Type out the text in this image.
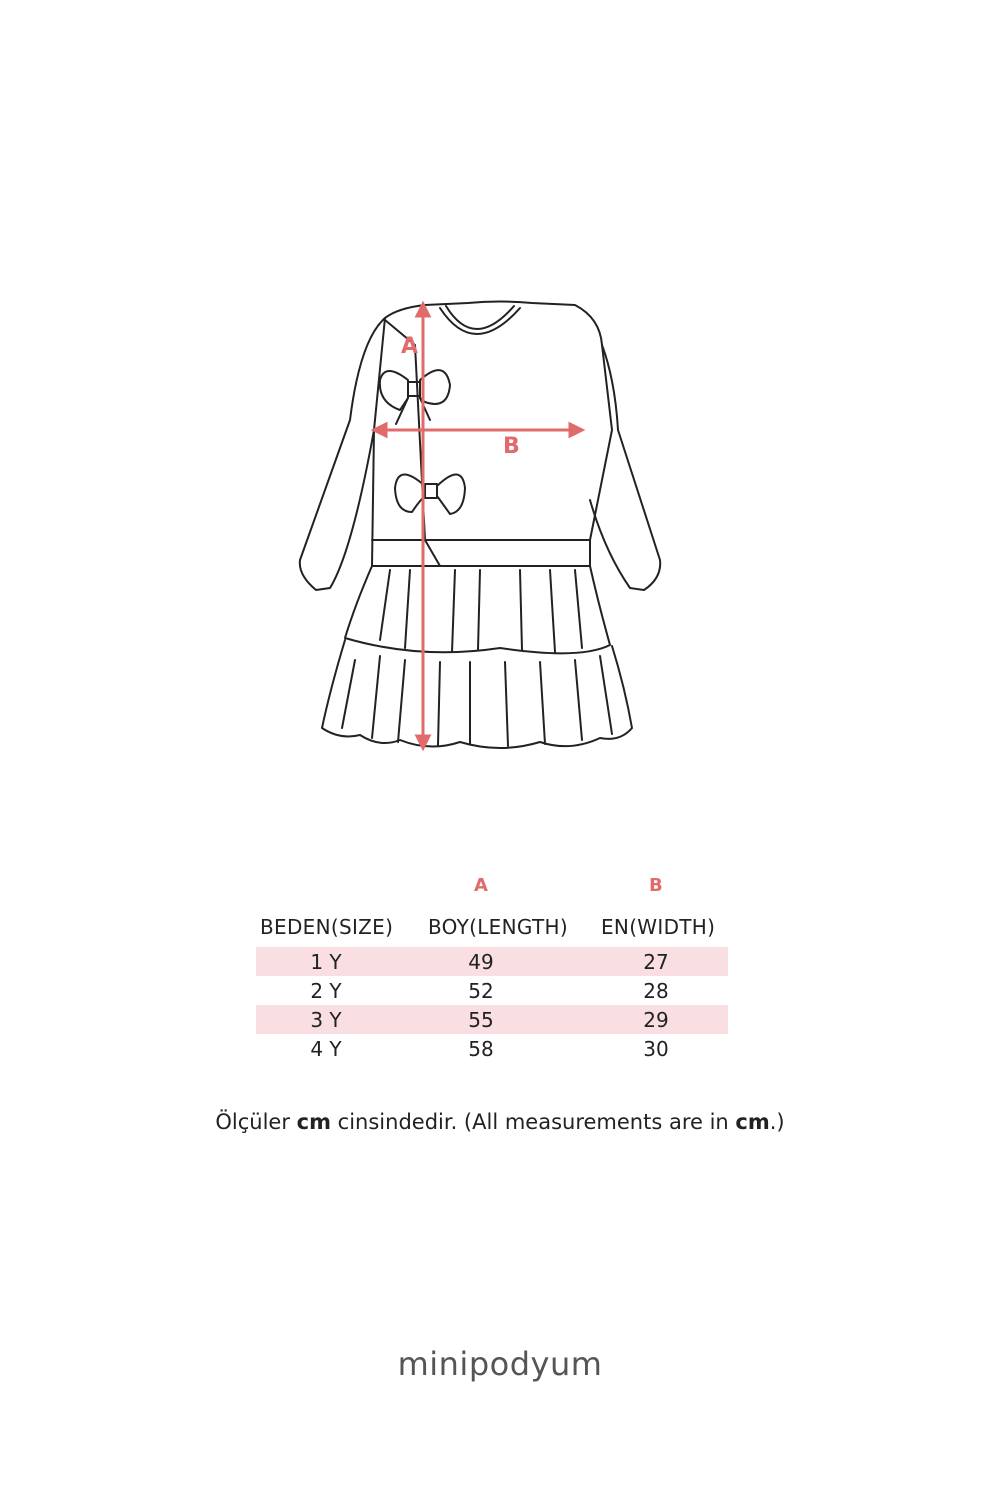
A
B
A	B
BEDEN(SIZE) BOY(LENGTH) EN(WIDTH)
1 Y	49	27
2 Y	52	28
3 Y	55	29
4 Y	58	30
Ölçüler cm cinsindedir. (All measurements are in cm.)
minipodyum
